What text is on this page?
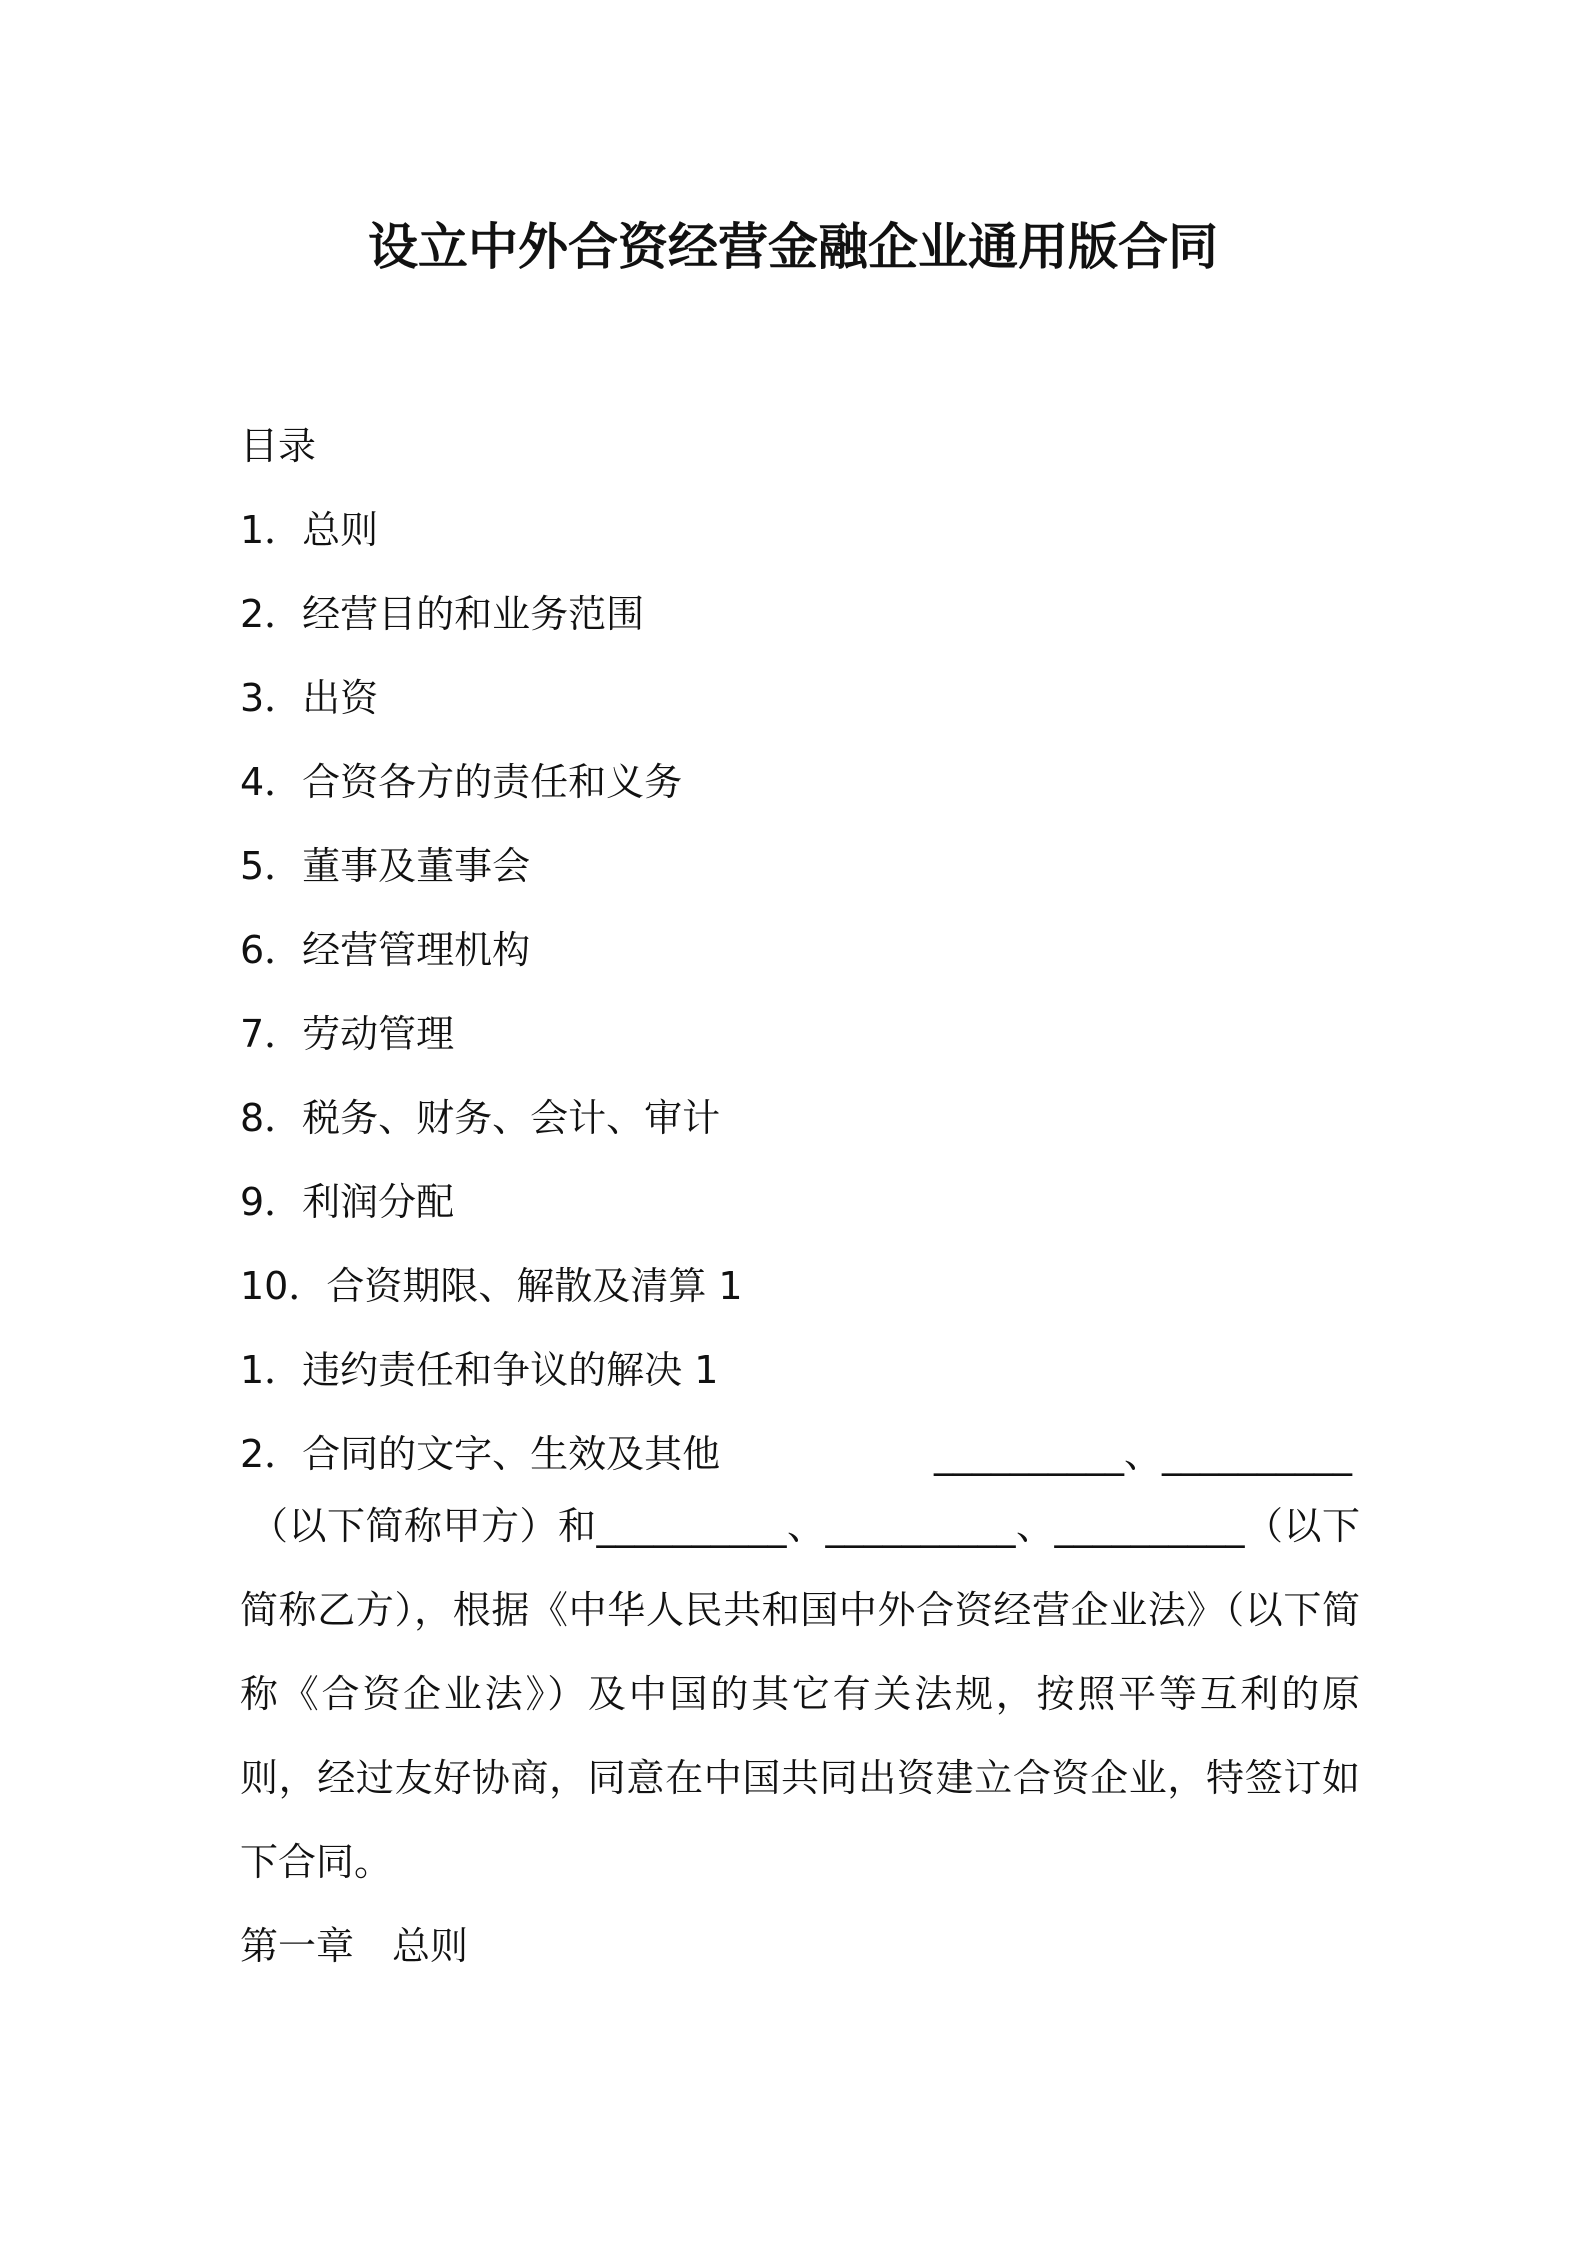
设立中外合资经营金融企业通用版合同
目录
1．总则
2．经营目的和业务范围
3．出资
4．合资各方的责任和义务
5．董事及董事会
6．经营管理机构
7．劳动管理
8．税务、财务、会计、审计
9．利润分配
10．合资期限、解散及清算 1
1．违约责任和争议的解决 1
2．合同的文字、生效及其他	__________、__________

（以下简称甲方）和__________、__________、__________（以下简称乙方），根据《中华人民共和国中外合资经营企业法》（以下简称《合资企业法》）及中国的其它有关法规，按照平等互利的原则，经过友好协商，同意在中国共同出资建立合资企业，特签订如下合同。

第一章　总则
